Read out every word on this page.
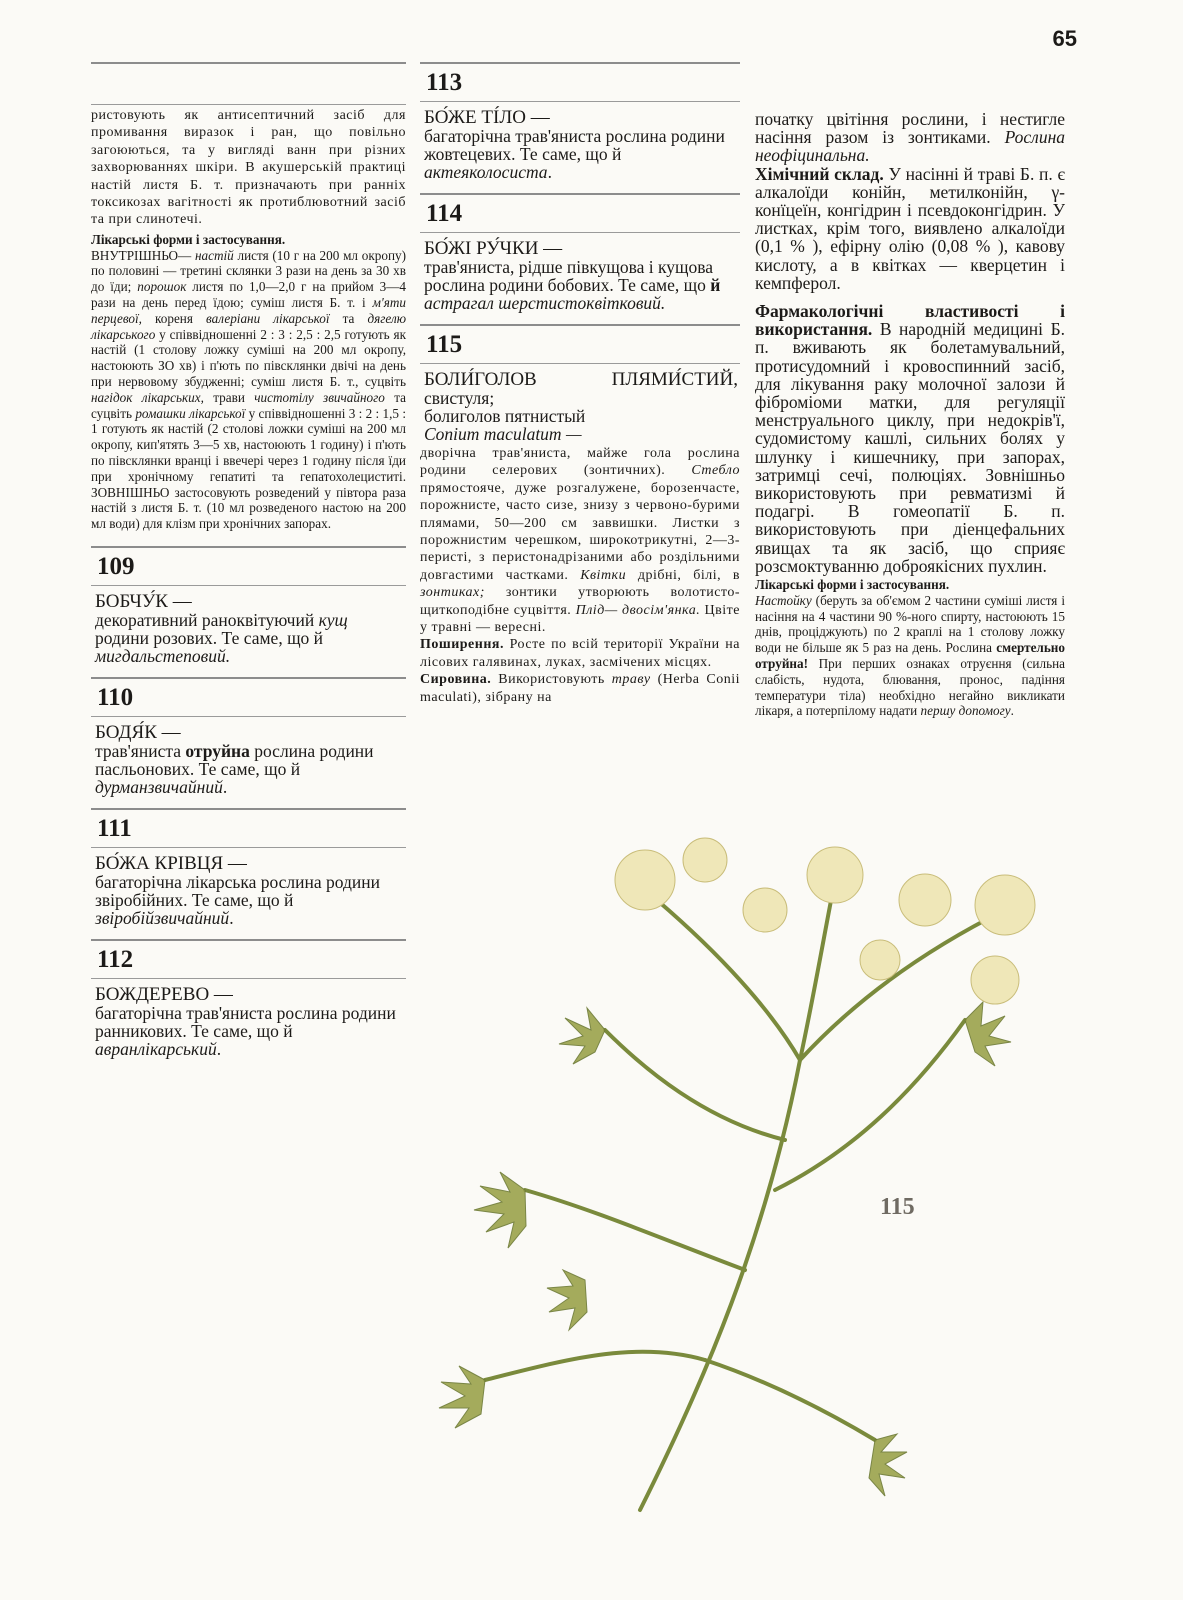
65

ристовують як антисептичний засіб для промивання виразок і ран, що повільно загоюються, та у вигляді ванн при різних захворюваннях шкіри. В акушерській практиці настій листя Б. т. призначають при ранніх токсикозах вагітності як протиблювотний засіб та при слинотечі.

Лікарські форми і застосування.

ВНУТРІШНЬО— настій листя (10 г на 200 мл окропу) по половині — третині склянки 3 рази на день за 30 хв до їди; порошок листя по 1,0—2,0 г на прийом 3—4 рази на день перед їдою; суміш листя Б. т. і м'яти перцевої, кореня валеріани лікарської та дягелю лікарського у співвідношенні 2 : 3 : 2,5 : 2,5 готують як настій (1 столову ложку суміші на 200 мл окропу, настоюють ЗО хв) і п'ють по півсклянки двічі на день при нервовому збудженні; суміш листя Б. т., суцвіть нагідок лікарських, трави чистотілу звичайного та суцвіть ромашки лікарської у співвідношенні 3 : 2 : 1,5 : 1 готують як настій (2 столові ложки суміші на 200 мл окропу, кип'ятять 3—5 хв, настоюють 1 годину) і п'ють по півсклянки вранці і ввечері через 1 годину після їди при хронічному гепатиті та гепатохолециститі. ЗОВНІШНЬО застосовують розведений у півтора раза настій з листя Б. т. (10 мл розведеного настою на 200 мл води) для клізм при хронічних запорах.

109

БОБЧУ́К —

декоративний раноквітуючий кущ родини розових. Те саме, що й мигдальстеповий.

110

БОДЯ́К —

трав'яниста отруйна рослина родини пасльонових. Те саме, що й дурманзвичайний.

111

БО́ЖА КРІВЦЯ —

багаторічна лікарська рослина родини звіробійних. Те саме, що й звіробійзвичайний.

112

БОЖДЕРЕВО —

багаторічна трав'яниста рослина родини ранникових. Те саме, що й авранлікарський.

113

БО́ЖЕ ТІ́ЛО —

багаторічна трав'яниста рослина родини жовтецевих. Те саме, що й актеяколосиста.

114

БО́ЖІ РУ́ЧКИ —

трав'яниста, рідше півкущова і кущова рослина родини бобових. Те саме, що й астрагал шерстистоквітковий.

115

БОЛИ́ГОЛОВ ПЛЯМИ́СТИЙ,

свистуля;

болиголов пятнистый

Conium maculatum —

дворічна трав'яниста, майже гола рослина родини селерових (зонтичних). Стебло прямостояче, дуже розгалужене, борозенчасте, порожнисте, часто сизе, знизу з червоно-бурими плямами, 50—200 см заввишки. Листки з порожнистим черешком, широкотрикутні, 2—3-перисті, з перистонадрізаними або роздільними довгастими частками. Квітки дрібні, білі, в зонтиках; зонтики утворюють волотисто-щиткоподібне суцвіття. Плід— двосім'янка. Цвіте у травні — вересні.

Поширення. Росте по всій території України на лісових галявинах, луках, засмічених місцях.

Сировина. Використовують траву (Herba Conii maculati), зібрану на

початку цвітіння рослини, і нестигле насіння разом із зонтиками. Рослина неофіцинальна.

Хімічний склад. У насінні й траві Б. п. є алкалоїди конійн, метилконійн, γ-конїцеїн, конгідрин і псевдоконгідрин. У листках, крім того, виявлено алкалоїди (0,1 % ), ефірну олію (0,08 % ), кавову кислоту, а в квітках — кверцетин і кемпферол.

Фармакологічні властивості і використання. В народній медицині Б. п. вживають як болетамувальний, протисудомний і кровоспинний засіб, для лікування раку молочної залози й фіброміоми матки, для регуляції менструального циклу, при недокрів'ї, судомистому кашлі, сильних болях у шлунку і кишечнику, при запорах, затримці сечі, полюціях. Зовнішньо використовують при ревматизмі й подагрі. В гомеопатії Б. п. використовують при діенцефальних явищах та як засіб, що сприяє розсмоктуванню доброякісних пухлин.

Лікарські форми і застосування.

Настойку (беруть за об'ємом 2 частини суміші листя і насіння на 4 частини 90 %-ного спирту, настоюють 15 днів, проціджують) по 2 краплі на 1 столову ложку води не більше як 5 раз на день. Рослина смертельно отруйна! При перших ознаках отруєння (сильна слабість, нудота, блювання, пронос, падіння температури тіла) необхідно негайно викликати лікаря, а потерпілому надати першу допомогу.

115
